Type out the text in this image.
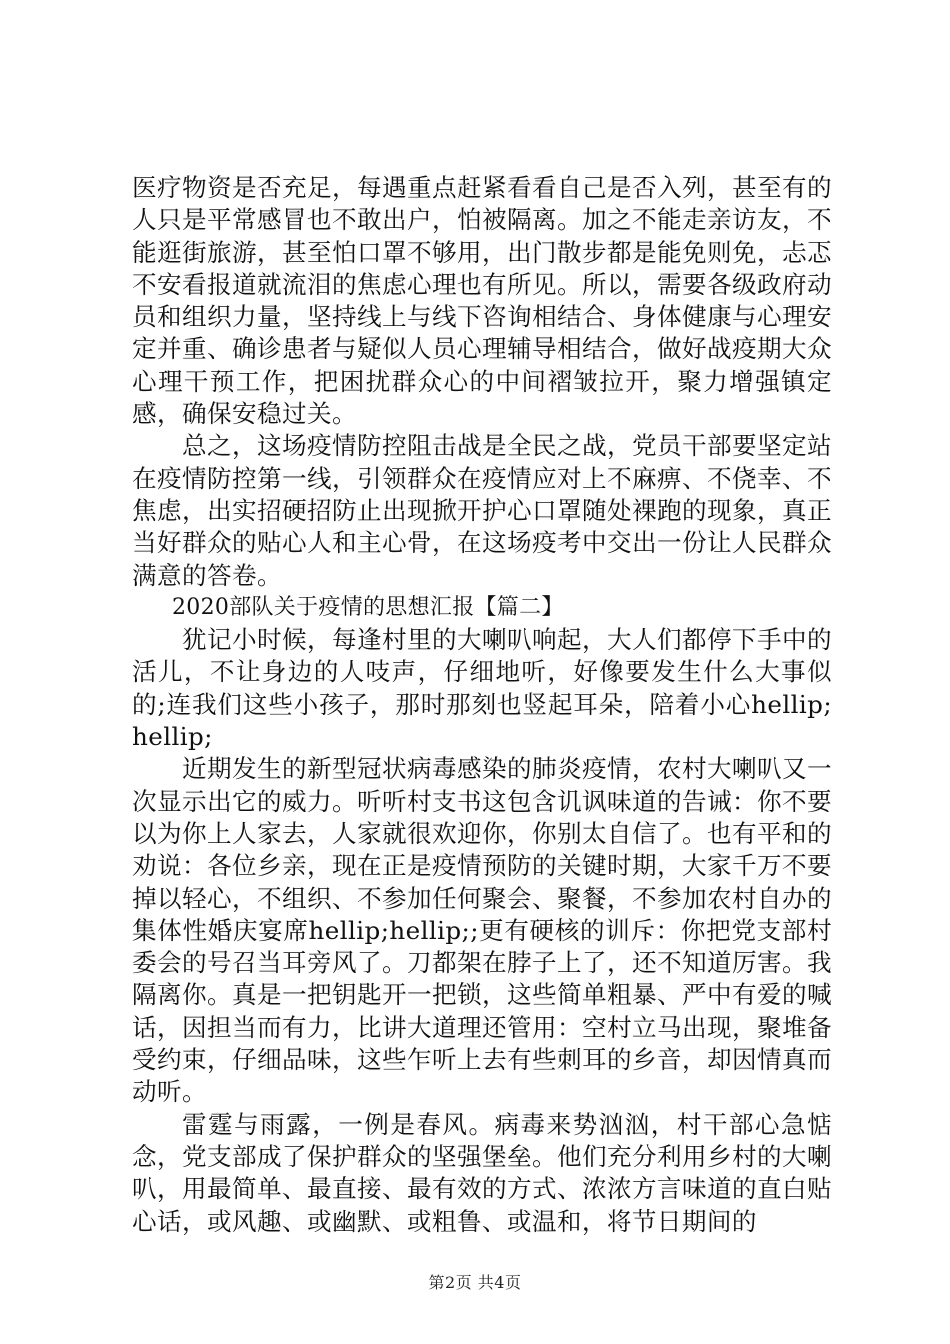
医疗物资是否充足，每遇重点赶紧看看自己是否入列，甚至有的人只是平常感冒也不敢出户，怕被隔离。加之不能走亲访友，不能逛街旅游，甚至怕口罩不够用，出门散步都是能免则免，忐忑不安看报道就流泪的焦虑心理也有所见。所以，需要各级政府动员和组织力量，坚持线上与线下咨询相结合、身体健康与心理安定并重、确诊患者与疑似人员心理辅导相结合，做好战疫期大众心理干预工作，把困扰群众心的中间褶皱拉开，聚力增强镇定感，确保安稳过关。

总之，这场疫情防控阻击战是全民之战，党员干部要坚定站在疫情防控第一线，引领群众在疫情应对上不麻痹、不侥幸、不焦虑，出实招硬招防止出现掀开护心口罩随处裸跑的现象，真正当好群众的贴心人和主心骨，在这场疫考中交出一份让人民群众满意的答卷。

2020部队关于疫情的思想汇报【篇二】

犹记小时候，每逢村里的大喇叭响起，大人们都停下手中的活儿，不让身边的人吱声，仔细地听，好像要发生什么大事似的;连我们这些小孩子，那时那刻也竖起耳朵，陪着小心hellip;hellip;

近期发生的新型冠状病毒感染的肺炎疫情，农村大喇叭又一次显示出它的威力。听听村支书这包含讥讽味道的告诫：你不要以为你上人家去，人家就很欢迎你，你别太自信了。也有平和的劝说：各位乡亲，现在正是疫情预防的关键时期，大家千万不要掉以轻心，不组织、不参加任何聚会、聚餐，不参加农村自办的集体性婚庆宴席hellip;hellip;;更有硬核的训斥：你把党支部村委会的号召当耳旁风了。刀都架在脖子上了，还不知道厉害。我隔离你。真是一把钥匙开一把锁，这些简单粗暴、严中有爱的喊话，因担当而有力，比讲大道理还管用：空村立马出现，聚堆备受约束，仔细品味，这些乍听上去有些刺耳的乡音，却因情真而动听。

雷霆与雨露，一例是春风。病毒来势汹汹，村干部心急惦念，党支部成了保护群众的坚强堡垒。他们充分利用乡村的大喇叭，用最简单、最直接、最有效的方式、浓浓方言味道的直白贴心话，或风趣、或幽默、或粗鲁、或温和，将节日期间的

第2页 共4页
